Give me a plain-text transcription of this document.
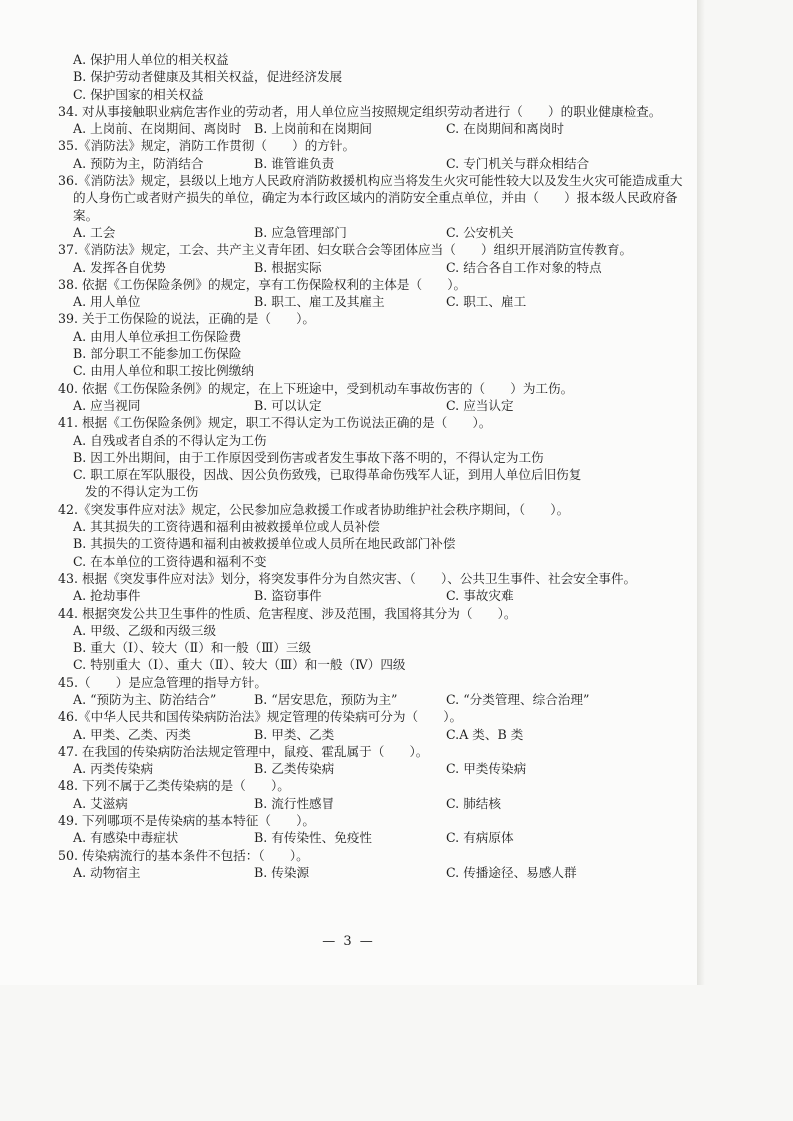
A. 保护用人单位的相关权益
B. 保护劳动者健康及其相关权益，促进经济发展
C. 保护国家的相关权益
34. 对从事接触职业病危害作业的劳动者，用人单位应当按照规定组织劳动者进行（　　）的职业健康检查。
A. 上岗前、在岗期间、离岗时	B. 上岗前和在岗期间	C. 在岗期间和离岗时
35.《消防法》规定，消防工作贯彻（　　）的方针。
A. 预防为主，防消结合	B. 谁管谁负责	C. 专门机关与群众相结合
36.《消防法》规定，县级以上地方人民政府消防救援机构应当将发生火灾可能性较大以及发生火灾可能造成重大的人身伤亡或者财产损失的单位，确定为本行政区域内的消防安全重点单位，并由（　　）报本级人民政府备案。
A. 工会	B. 应急管理部门	C. 公安机关
37.《消防法》规定，工会、共产主义青年团、妇女联合会等团体应当（　　）组织开展消防宣传教育。
A. 发挥各自优势	B. 根据实际	C. 结合各自工作对象的特点
38. 依据《工伤保险条例》的规定，享有工伤保险权利的主体是（　　）。
A. 用人单位	B. 职工、雇工及其雇主	C. 职工、雇工
39. 关于工伤保险的说法，正确的是（　　）。
A. 由用人单位承担工伤保险费
B. 部分职工不能参加工伤保险
C. 由用人单位和职工按比例缴纳
40. 依据《工伤保险条例》的规定，在上下班途中，受到机动车事故伤害的（　　）为工伤。
A. 应当视同	B. 可以认定	C. 应当认定
41. 根据《工伤保险条例》规定，职工不得认定为工伤说法正确的是（　　）。
A. 自残或者自杀的不得认定为工伤
B. 因工外出期间，由于工作原因受到伤害或者发生事故下落不明的，不得认定为工伤
C. 职工原在军队服役，因战、因公负伤致残，已取得革命伤残军人证，到用人单位后旧伤复
发的不得认定为工伤
42.《突发事件应对法》规定，公民参加应急救援工作或者协助维护社会秩序期间，（　　）。
A. 其其损失的工资待遇和福利由被救援单位或人员补偿
B. 其损失的工资待遇和福利由被救援单位或人员所在地民政部门补偿
C. 在本单位的工资待遇和福利不变
43. 根据《突发事件应对法》划分，将突发事件分为自然灾害、（　　）、公共卫生事件、社会安全事件。
A. 抢劫事件	B. 盗窃事件	C. 事故灾难
44. 根据突发公共卫生事件的性质、危害程度、涉及范围，我国将其分为（　　）。
A. 甲级、乙级和丙级三级
B. 重大（Ⅰ）、较大（Ⅱ）和一般（Ⅲ）三级
C. 特别重大（Ⅰ）、重大（Ⅱ）、较大（Ⅲ）和一般（Ⅳ）四级
45.（　　）是应急管理的指导方针。
A. “预防为主、防治结合”	B. “居安思危，预防为主”	C. “分类管理、综合治理”
46.《中华人民共和国传染病防治法》规定管理的传染病可分为（　　）。
A. 甲类、乙类、丙类	B. 甲类、乙类	C.A 类、B 类
47. 在我国的传染病防治法规定管理中，鼠疫、霍乱属于（　　）。
A. 丙类传染病	B. 乙类传染病	C. 甲类传染病
48. 下列不属于乙类传染病的是（　　）。
A. 艾滋病	B. 流行性感冒	C. 肺结核
49. 下列哪项不是传染病的基本特征（　　）。
A. 有感染中毒症状	B. 有传染性、免疫性	C. 有病原体
50. 传染病流行的基本条件不包括：（　　）。
A. 动物宿主	B. 传染源	C. 传播途径、易感人群
— 3 —
